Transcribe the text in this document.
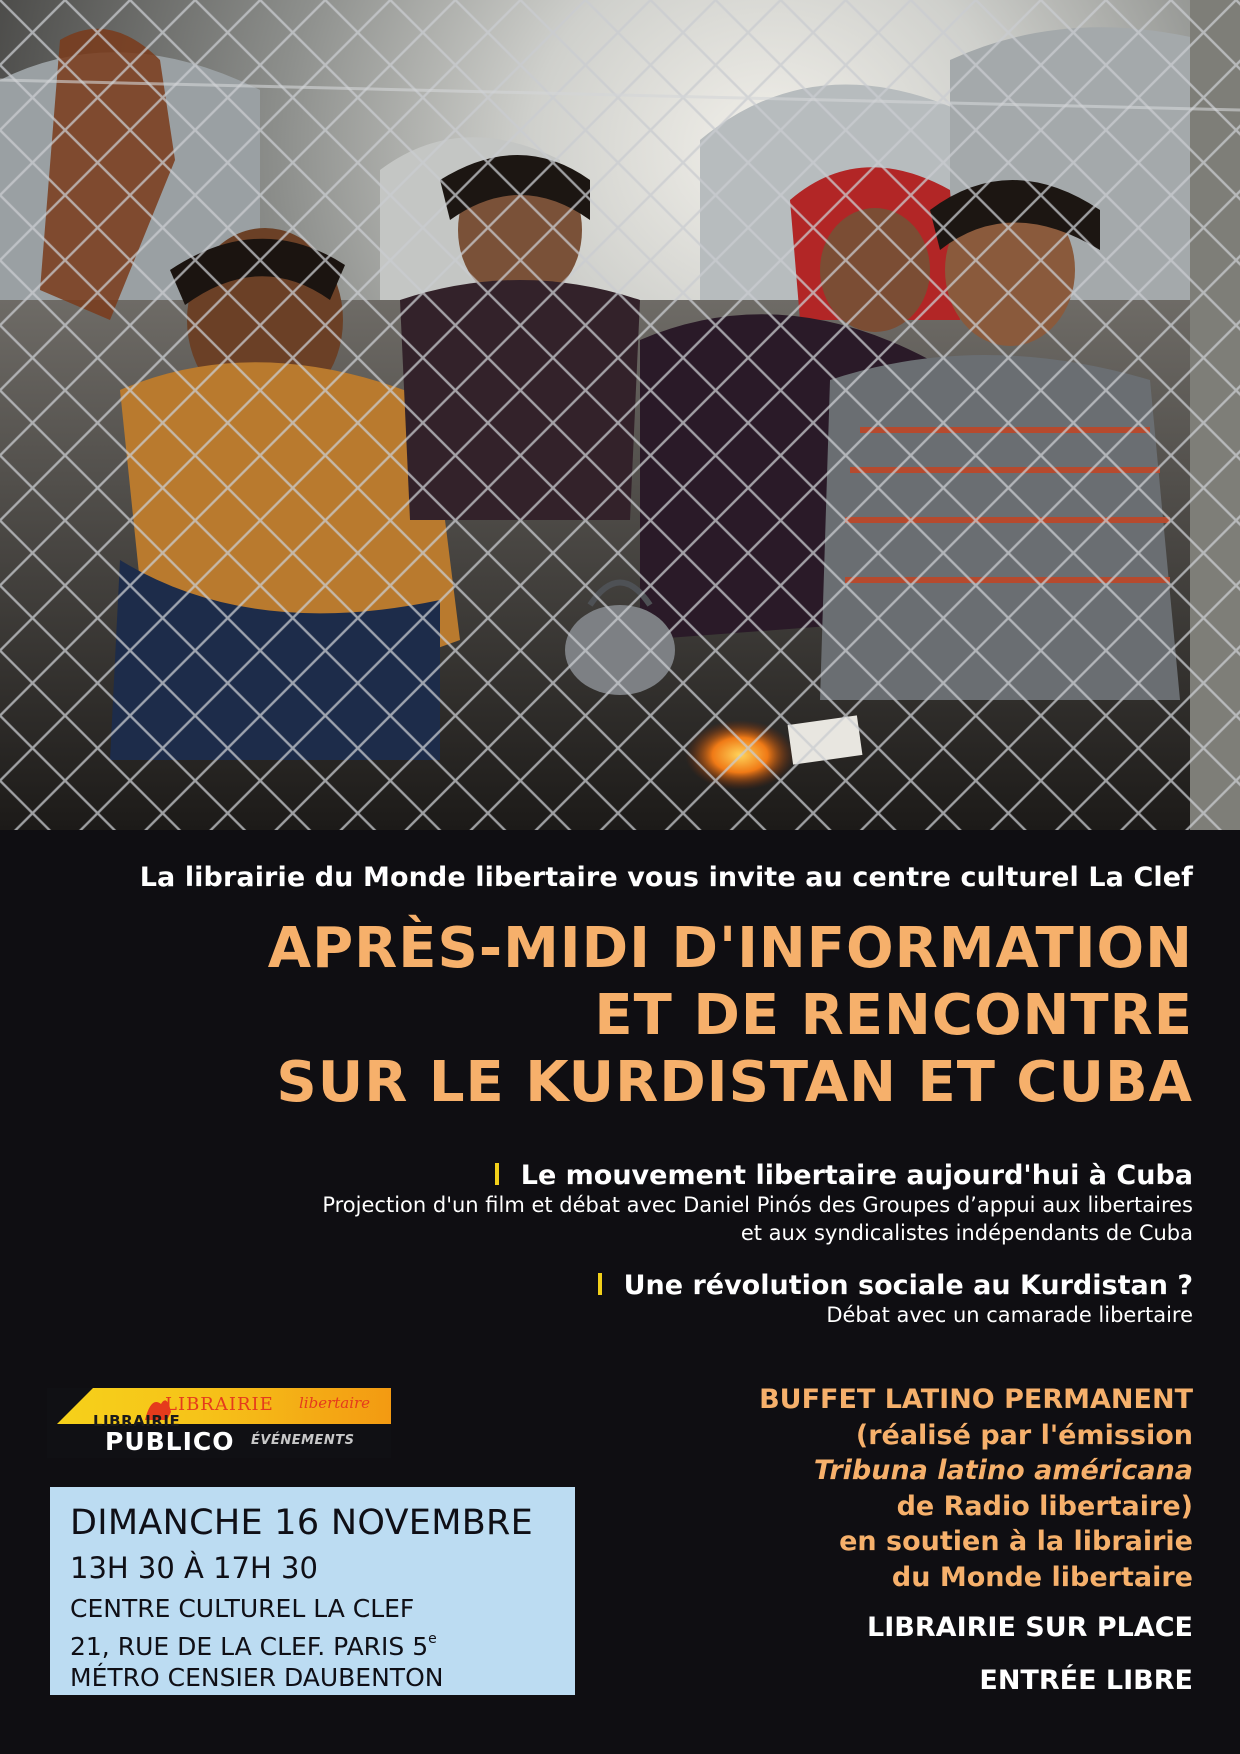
La librairie du Monde libertaire vous invite au centre culturel La Clef

APRÈS-MIDI D'INFORMATION
ET DE RENCONTRE
SUR LE KURDISTAN ET CUBA
Le mouvement libertaire aujourd'hui à Cuba
Projection d'un film et débat avec Daniel Pinós des Groupes d’appui aux libertaires
et aux syndicalistes indépendants de Cuba
Une révolution sociale au Kurdistan ?
Débat avec un camarade libertaire
BUFFET LATINO PERMANENT
(réalisé par l'émission
Tribuna latino américana
de Radio libertaire)
en soutien à la librairie
du Monde libertaire
LIBRAIRIE SUR PLACE
ENTRÉE LIBRE
LIBRAIRIE libertaire
LIBRAIRIE
PUBLICO ÉVÉNEMENTS

DIMANCHE 16 NOVEMBRE

13H 30 À 17H 30

CENTRE CULTUREL LA CLEF

21, RUE DE LA CLEF. PARIS 5e

MÉTRO CENSIER DAUBENTON
